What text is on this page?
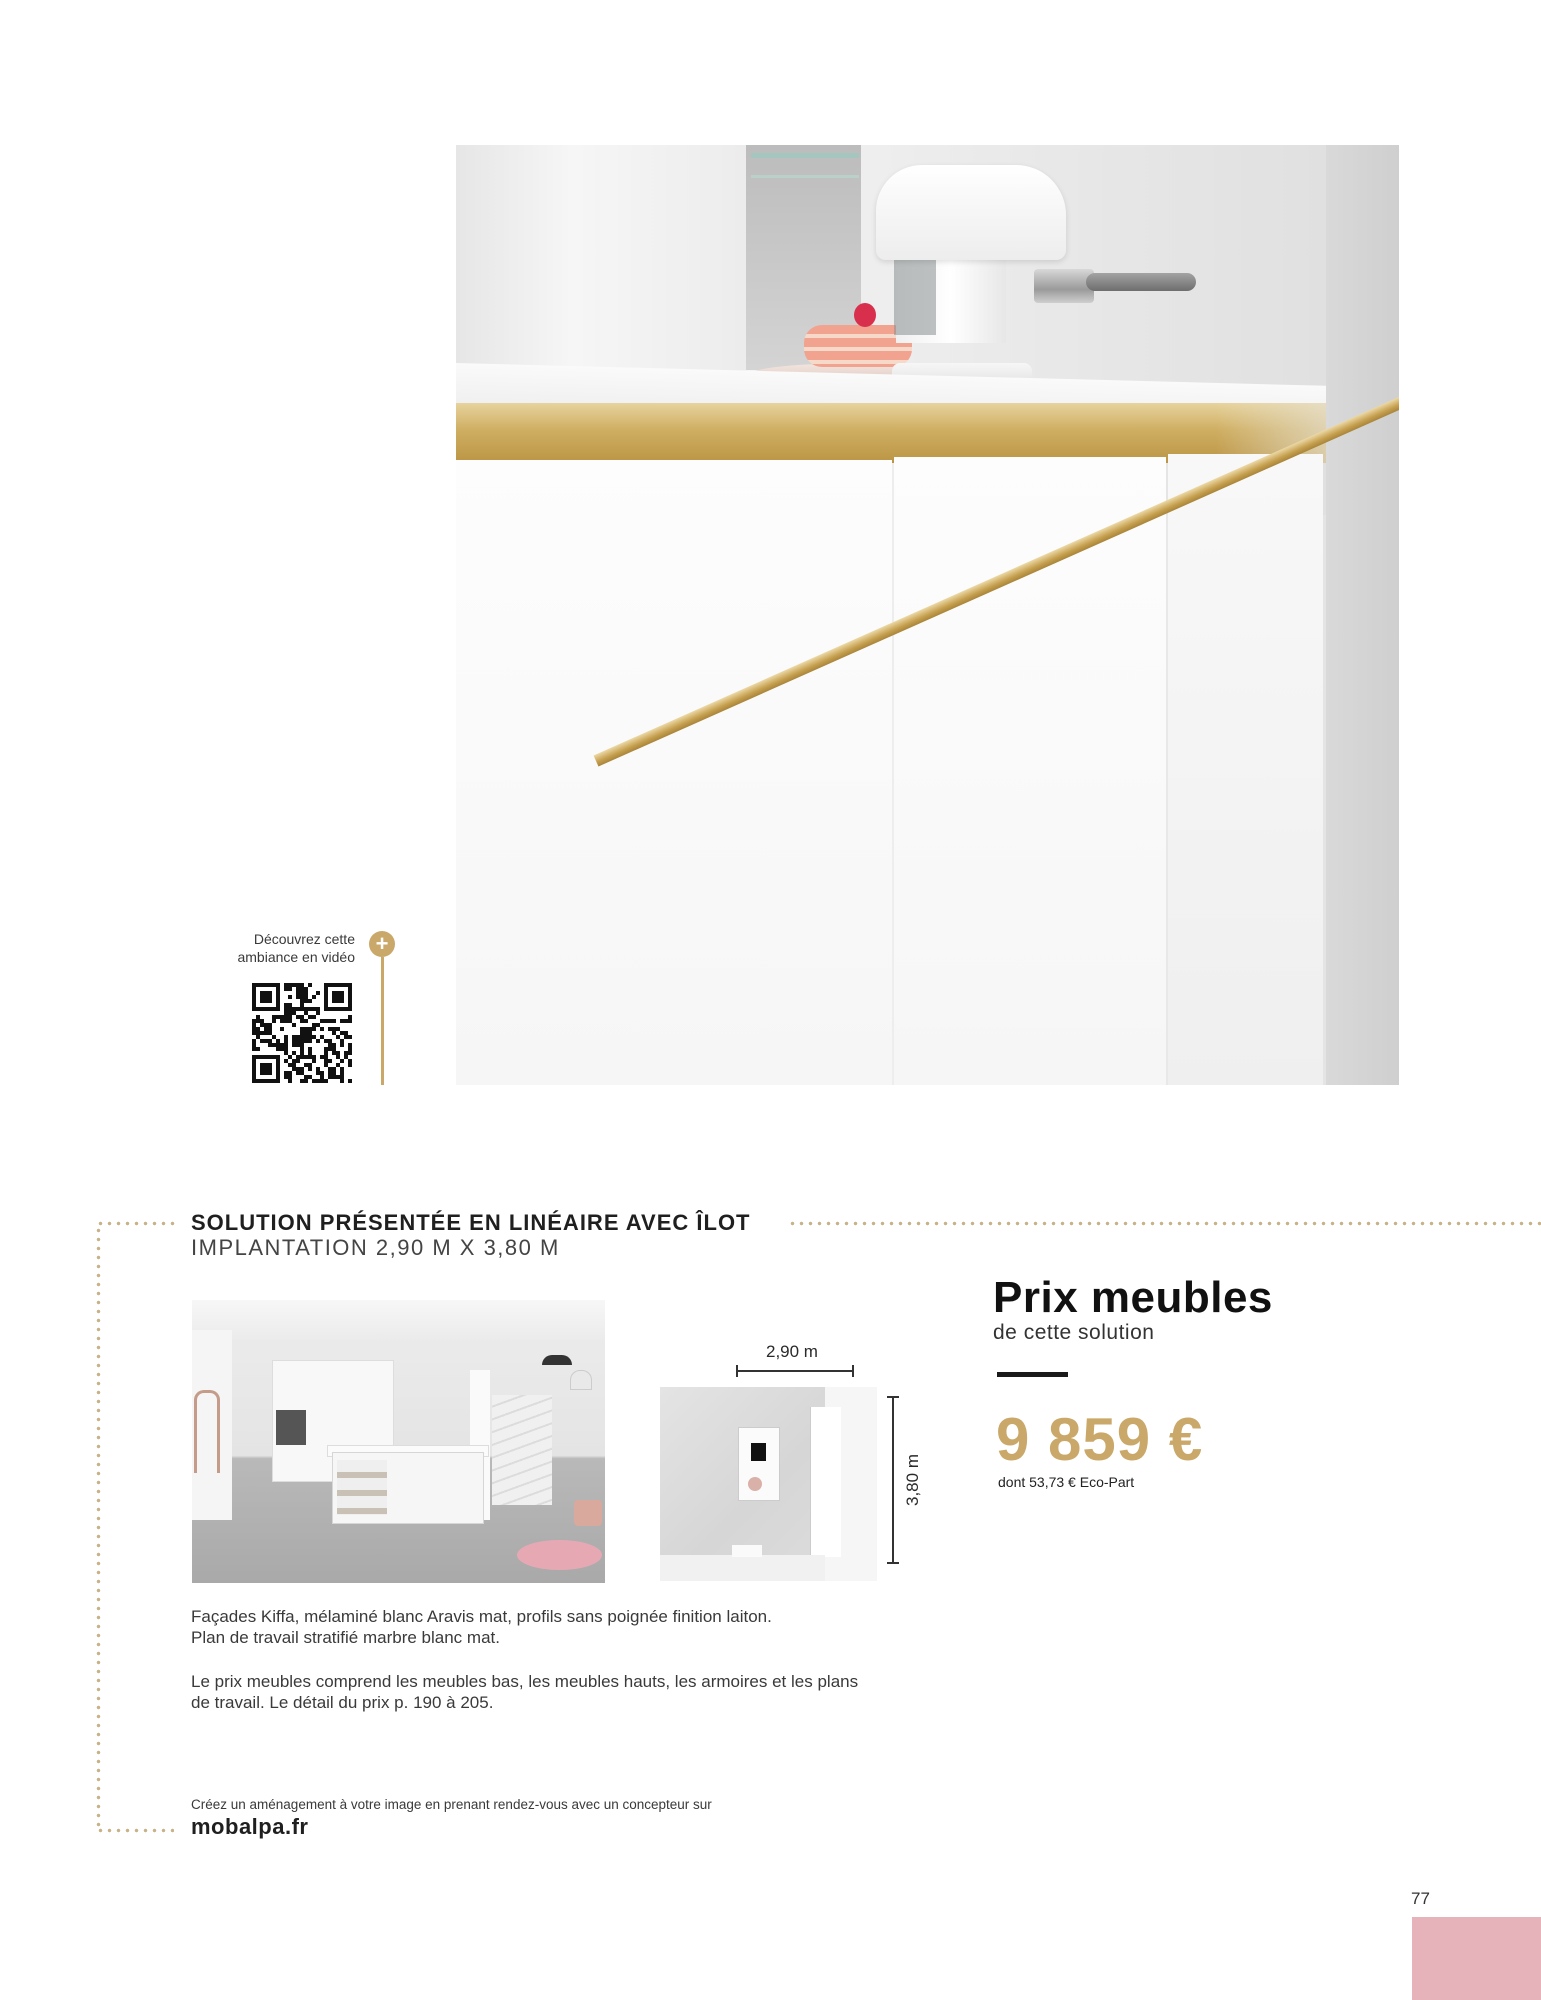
Découvrez cette
ambiance en vidéo
+
SOLUTION PRÉSENTÉE EN LINÉAIRE AVEC ÎLOT
IMPLANTATION 2,90 M X 3,80 M
2,90 m
3,80 m
Prix meubles
de cette solution
9 859 €
dont 53,73 € Eco-Part
Façades Kiffa, mélaminé blanc Aravis mat, profils sans poignée finition laiton.
Plan de travail stratifié marbre blanc mat.
Le prix meubles comprend les meubles bas, les meubles hauts, les armoires et les plans
de travail. Le détail du prix p. 190 à 205.
Créez un aménagement à votre image en prenant rendez-vous avec un concepteur sur
mobalpa.fr
77
